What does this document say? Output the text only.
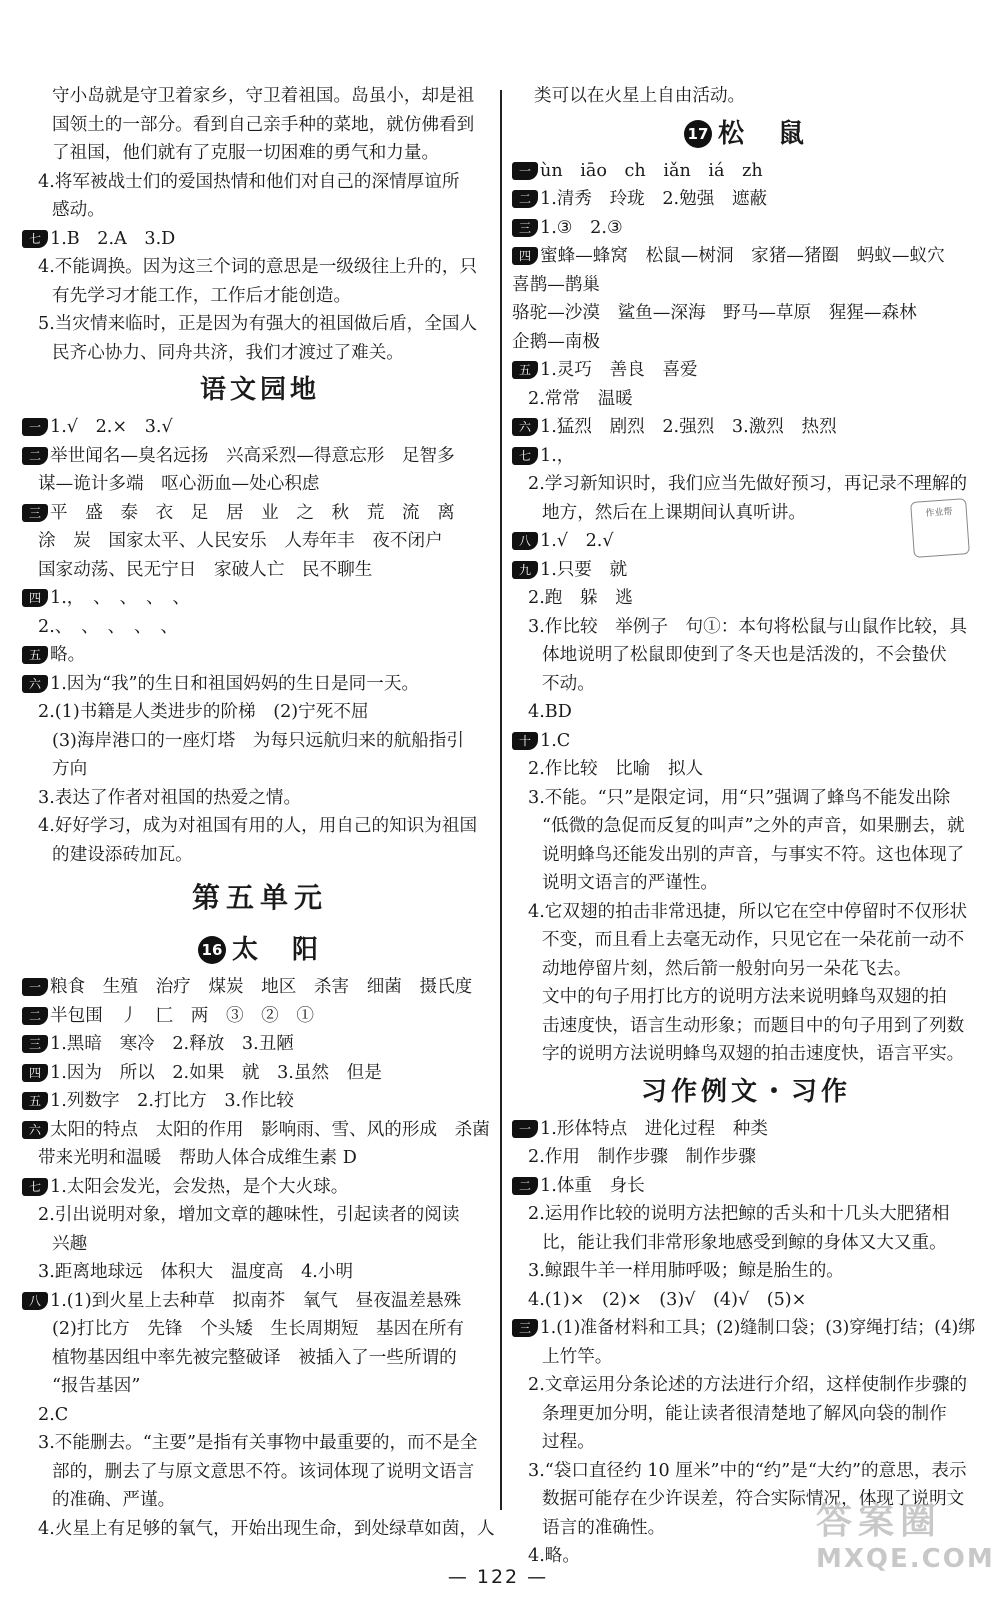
守小岛就是守卫着家乡，守卫着祖国。岛虽小，却是祖
国领土的一部分。看到自己亲手种的菜地，就仿佛看到
了祖国，他们就有了克服一切困难的勇气和力量。
4.将军被战士们的爱国热情和他们对自己的深情厚谊所
感动。
七 1.B　2.A　3.D
4.不能调换。因为这三个词的意思是一级级往上升的，只
有先学习才能工作，工作后才能创造。
5.当灾情来临时，正是因为有强大的祖国做后盾，全国人
民齐心协力、同舟共济，我们才渡过了难关。
语文园地
一 1.√　2.×　3.√
二 举世闻名—臭名远扬　兴高采烈—得意忘形　足智多
谋—诡计多端　呕心沥血—处心积虑
三 平　盛　泰　衣　足　居　业　之　秋　荒　流　离
涂　炭　国家太平、人民安乐　人寿年丰　夜不闭户
国家动荡、民无宁日　家破人亡　民不聊生
四 1.，　、　、　、　、
2.、　、　、　、　、
五 略。
六 1.因为“我”的生日和祖国妈妈的生日是同一天。
2.(1)书籍是人类进步的阶梯　(2)宁死不屈
(3)海岸港口的一座灯塔　为每只远航归来的航船指引
方向
3.表达了作者对祖国的热爱之情。
4.好好学习，成为对祖国有用的人，用自己的知识为祖国
的建设添砖加瓦。
第五单元
16 太　阳
一 粮食　生殖　治疗　煤炭　地区　杀害　细菌　摄氏度
二 半包围　丿　匚　两　③　②　①
三 1.黑暗　寒冷　2.释放　3.丑陋
四 1.因为　所以　2.如果　就　3.虽然　但是
五 1.列数字　2.打比方　3.作比较
六 太阳的特点　太阳的作用　影响雨、雪、风的形成　杀菌
带来光明和温暖　帮助人体合成维生素 D
七 1.太阳会发光，会发热，是个大火球。
2.引出说明对象，增加文章的趣味性，引起读者的阅读
兴趣
3.距离地球远　体积大　温度高　4.小明
八 1.(1)到火星上去种草　拟南芥　氧气　昼夜温差悬殊
(2)打比方　先锋　个头矮　生长周期短　基因在所有
植物基因组中率先被完整破译　被插入了一些所谓的
“报告基因”
2.C
3.不能删去。“主要”是指有关事物中最重要的，而不是全
部的，删去了与原文意思不符。该词体现了说明文语言
的准确、严谨。
4.火星上有足够的氧气，开始出现生命，到处绿草如茵，人
类可以在火星上自由活动。
17 松　鼠
一 ùn　iāo　ch　iǎn　iá　zh
二 1.清秀　玲珑　2.勉强　遮蔽
三 1.③　2.③
四 蜜蜂—蜂窝　松鼠—树洞　家猪—猪圈　蚂蚁—蚁穴
喜鹊—鹊巢
骆驼—沙漠　鲨鱼—深海　野马—草原　猩猩—森林
企鹅—南极
五 1.灵巧　善良　喜爱
2.常常　温暖
六 1.猛烈　剧烈　2.强烈　3.激烈　热烈
七 1.，
2.学习新知识时，我们应当先做好预习，再记录不理解的
地方，然后在上课期间认真听讲。
八 1.√　2.√
九 1.只要　就
2.跑　躲　逃
3.作比较　举例子　句①：本句将松鼠与山鼠作比较，具
体地说明了松鼠即使到了冬天也是活泼的，不会蛰伏
不动。
4.BD
十 1.C
2.作比较　比喻　拟人
3.不能。“只”是限定词，用“只”强调了蜂鸟不能发出除
“低微的急促而反复的叫声”之外的声音，如果删去，就
说明蜂鸟还能发出别的声音，与事实不符。这也体现了
说明文语言的严谨性。
4.它双翅的拍击非常迅捷，所以它在空中停留时不仅形状
不变，而且看上去毫无动作，只见它在一朵花前一动不
动地停留片刻，然后箭一般射向另一朵花飞去。
文中的句子用打比方的说明方法来说明蜂鸟双翅的拍
击速度快，语言生动形象；而题目中的句子用到了列数
字的说明方法说明蜂鸟双翅的拍击速度快，语言平实。
习作例文・习作
一 1.形体特点　进化过程　种类
2.作用　制作步骤　制作步骤
二 1.体重　身长
2.运用作比较的说明方法把鲸的舌头和十几头大肥猪相
比，能让我们非常形象地感受到鲸的身体又大又重。
3.鲸跟牛羊一样用肺呼吸；鲸是胎生的。
4.(1)×　(2)×　(3)√　(4)√　(5)×
三 1.(1)准备材料和工具；(2)缝制口袋；(3)穿绳打结；(4)绑
上竹竿。
2.文章运用分条论述的方法进行介绍，这样使制作步骤的
条理更加分明，能让读者很清楚地了解风向袋的制作
过程。
3.“袋口直径约 10 厘米”中的“约”是“大约”的意思，表示
数据可能存在少许误差，符合实际情况，体现了说明文
语言的准确性。
4.略。
作业帮
答案圈
MXQE.COM
— 122 —
